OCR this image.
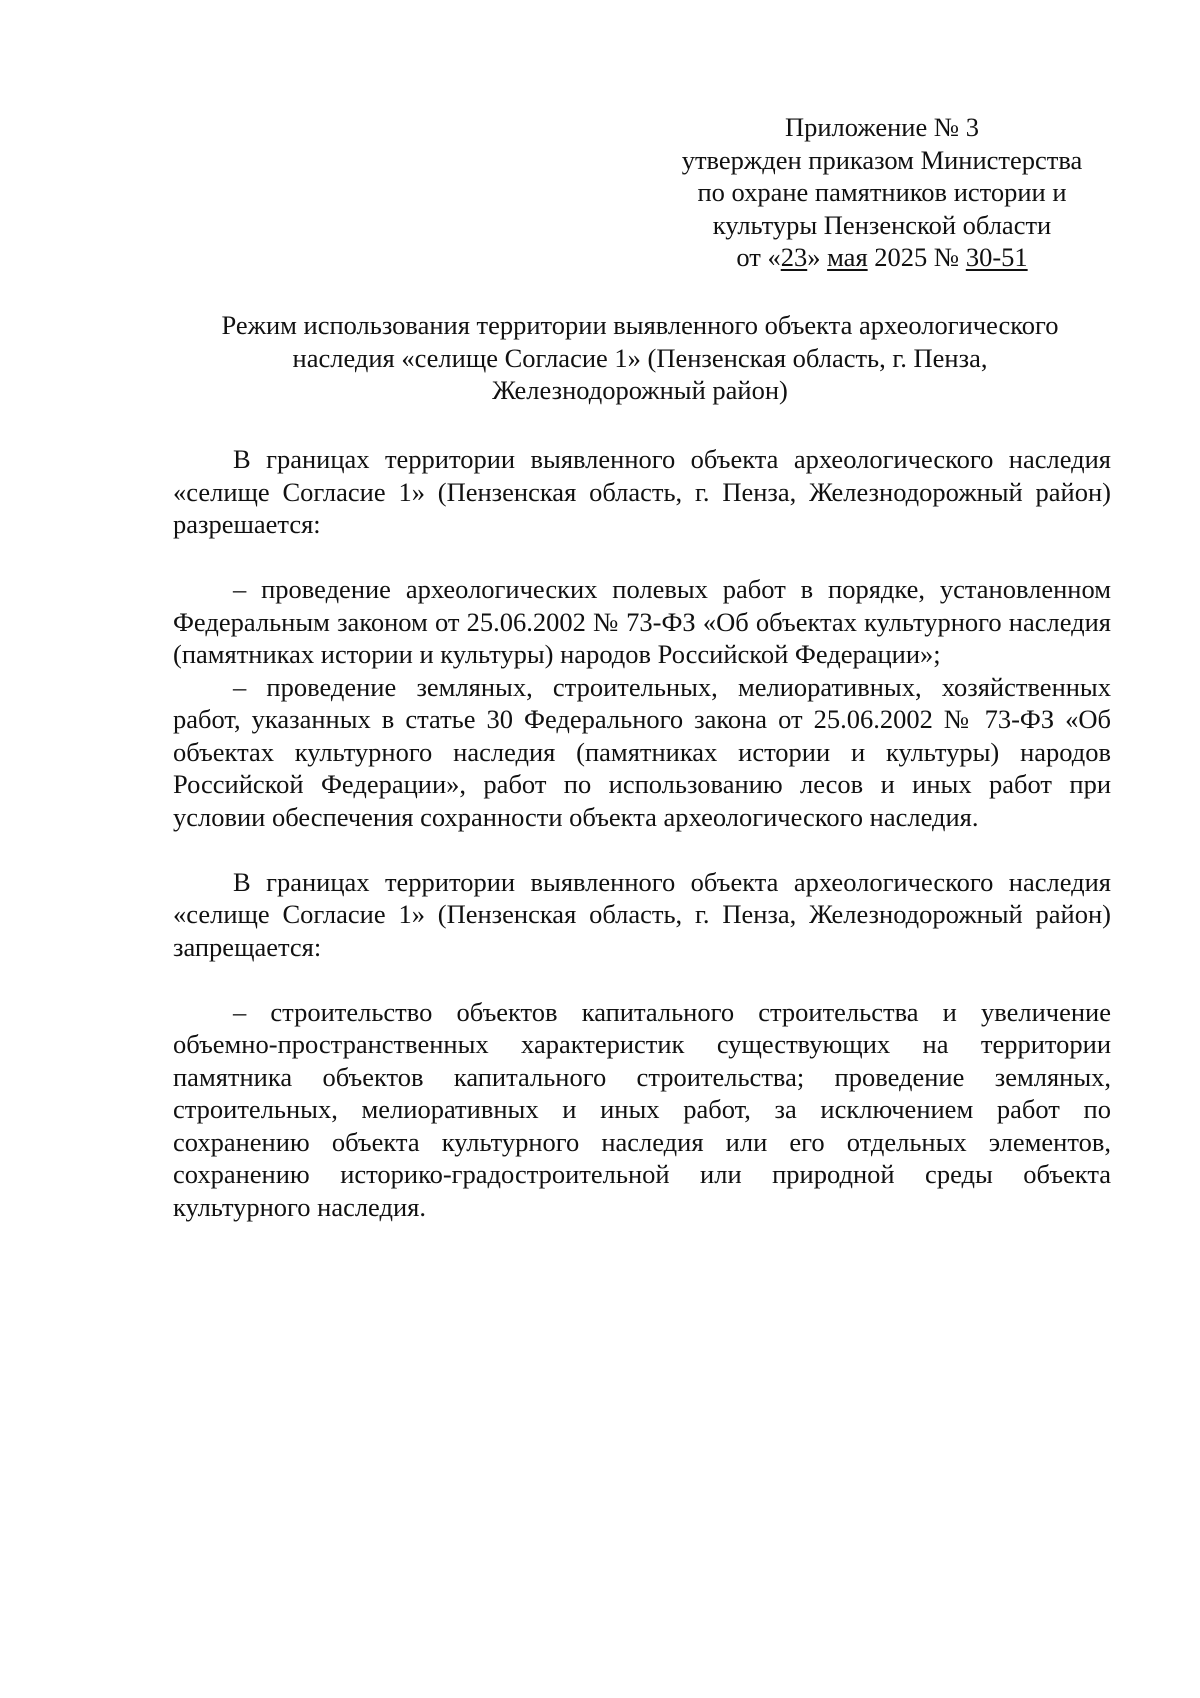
Приложение № 3
утвержден приказом Министерства
по охране памятников истории и
культуры Пензенской области
от «23» мая 2025 № 30-51
Режим использования территории выявленного объекта археологического
наследия «селище Согласие 1» (Пензенская область, г. Пенза,
Железнодорожный район)

В границах территории выявленного объекта археологического наследия «селище Согласие 1» (Пензенская область, г. Пенза, Железнодорожный район) разрешается:

– проведение археологических полевых работ в порядке, установленном Федеральным законом от 25.06.2002 № 73-ФЗ «Об объектах культурного наследия (памятниках истории и культуры) народов Российской Федерации»;

– проведение земляных, строительных, мелиоративных, хозяйственных работ, указанных в статье 30 Федерального закона от 25.06.2002 № 73-ФЗ «Об объектах культурного наследия (памятниках истории и культуры) народов Российской Федерации», работ по использованию лесов и иных работ при условии обеспечения сохранности объекта археологического наследия.

В границах территории выявленного объекта археологического наследия «селище Согласие 1» (Пензенская область, г. Пенза, Железнодорожный район) запрещается:

– строительство объектов капитального строительства и увеличение объемно-пространственных характеристик существующих на территории памятника объектов капитального строительства; проведение земляных, строительных, мелиоративных и иных работ, за исключением работ по сохранению объекта культурного наследия или его отдельных элементов, сохранению историко-градостроительной или природной среды объекта культурного наследия.
